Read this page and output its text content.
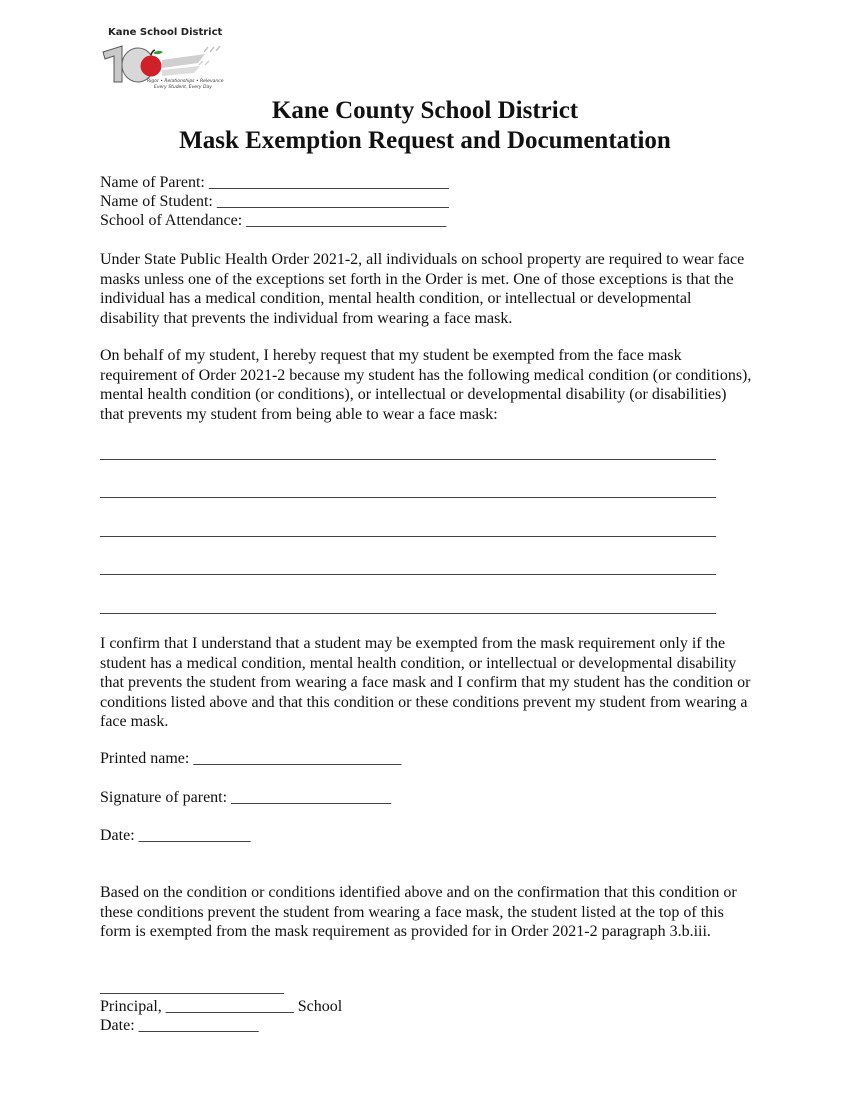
Kane School District
Rigor • Relationships • Relevance
Every Student, Every Day
Kane County School District
Mask Exemption Request and Documentation

Name of Parent: ______________________________

Name of Student: _____________________________

School of Attendance: _________________________

Under State Public Health Order 2021-2, all individuals on school property are required to wear face masks unless one of the exceptions set forth in the Order is met. One of those exceptions is that the individual has a medical condition, mental health condition, or intellectual or developmental disability that prevents the individual from wearing a face mask.

On behalf of my student, I hereby request that my student be exempted from the face mask requirement of Order 2021-2 because my student has the following medical condition (or conditions), mental health condition (or conditions), or intellectual or developmental disability (or disabilities) that prevents my student from being able to wear a face mask:

_____________________________________________________________________________

_____________________________________________________________________________

_____________________________________________________________________________

_____________________________________________________________________________

_____________________________________________________________________________

I confirm that I understand that a student may be exempted from the mask requirement only if the student has a medical condition, mental health condition, or intellectual or developmental disability that prevents the student from wearing a face mask and I confirm that my student has the condition or conditions listed above and that this condition or these conditions prevent my student from wearing a face mask.

Printed name: __________________________

Signature of parent: ____________________

Date: ______________

Based on the condition or conditions identified above and on the confirmation that this condition or these conditions prevent the student from wearing a face mask, the student listed at the top of this form is exempted from the mask requirement as provided for in Order 2021-2 paragraph 3.b.iii.

_______________________

Principal, ________________ School

Date: _______________
